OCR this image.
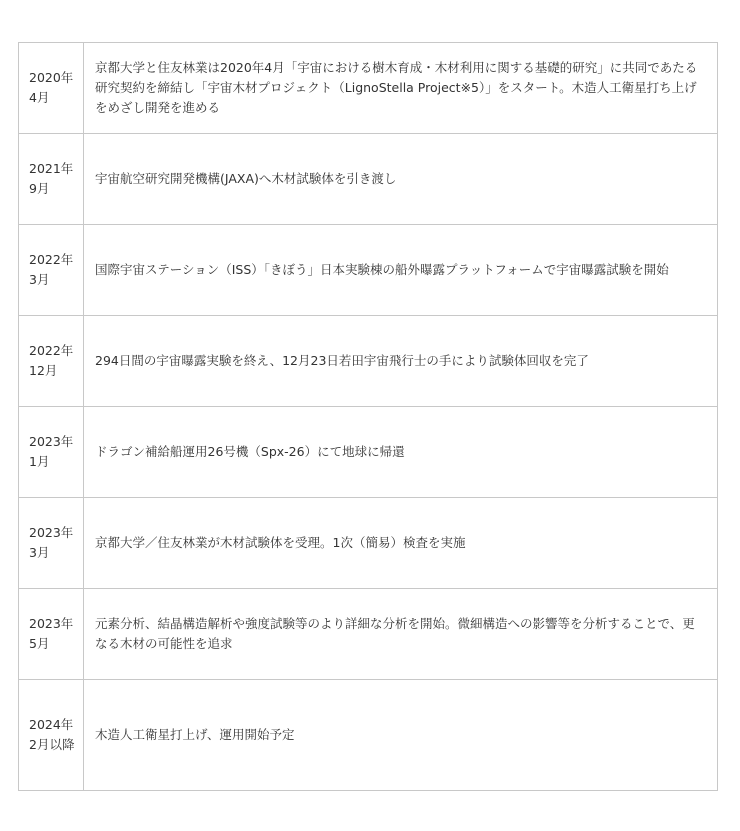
2020年4月	京都大学と住友林業は2020年4月「宇宙における樹木育成・木材利用に関する基礎的研究」に共同であたる研究契約を締結し「宇宙木材プロジェクト（LignoStella Project※5）」をスタート。木造人工衛星打ち上げをめざし開発を進める
2021年9月	宇宙航空研究開発機構(JAXA)へ木材試験体を引き渡し
2022年3月	国際宇宙ステーション（ISS）「きぼう」日本実験棟の船外曝露プラットフォームで宇宙曝露試験を開始
2022年12月	294日間の宇宙曝露実験を終え、12月23日若田宇宙飛行士の手により試験体回収を完了
2023年1月	ドラゴン補給船運用26号機（Spx-26）にて地球に帰還
2023年3月	京都大学／住友林業が木材試験体を受理。1次（簡易）検査を実施
2023年5月	元素分析、結晶構造解析や強度試験等のより詳細な分析を開始。微細構造への影響等を分析することで、更なる木材の可能性を追求
2024年2月以降	木造人工衛星打上げ、運用開始予定
